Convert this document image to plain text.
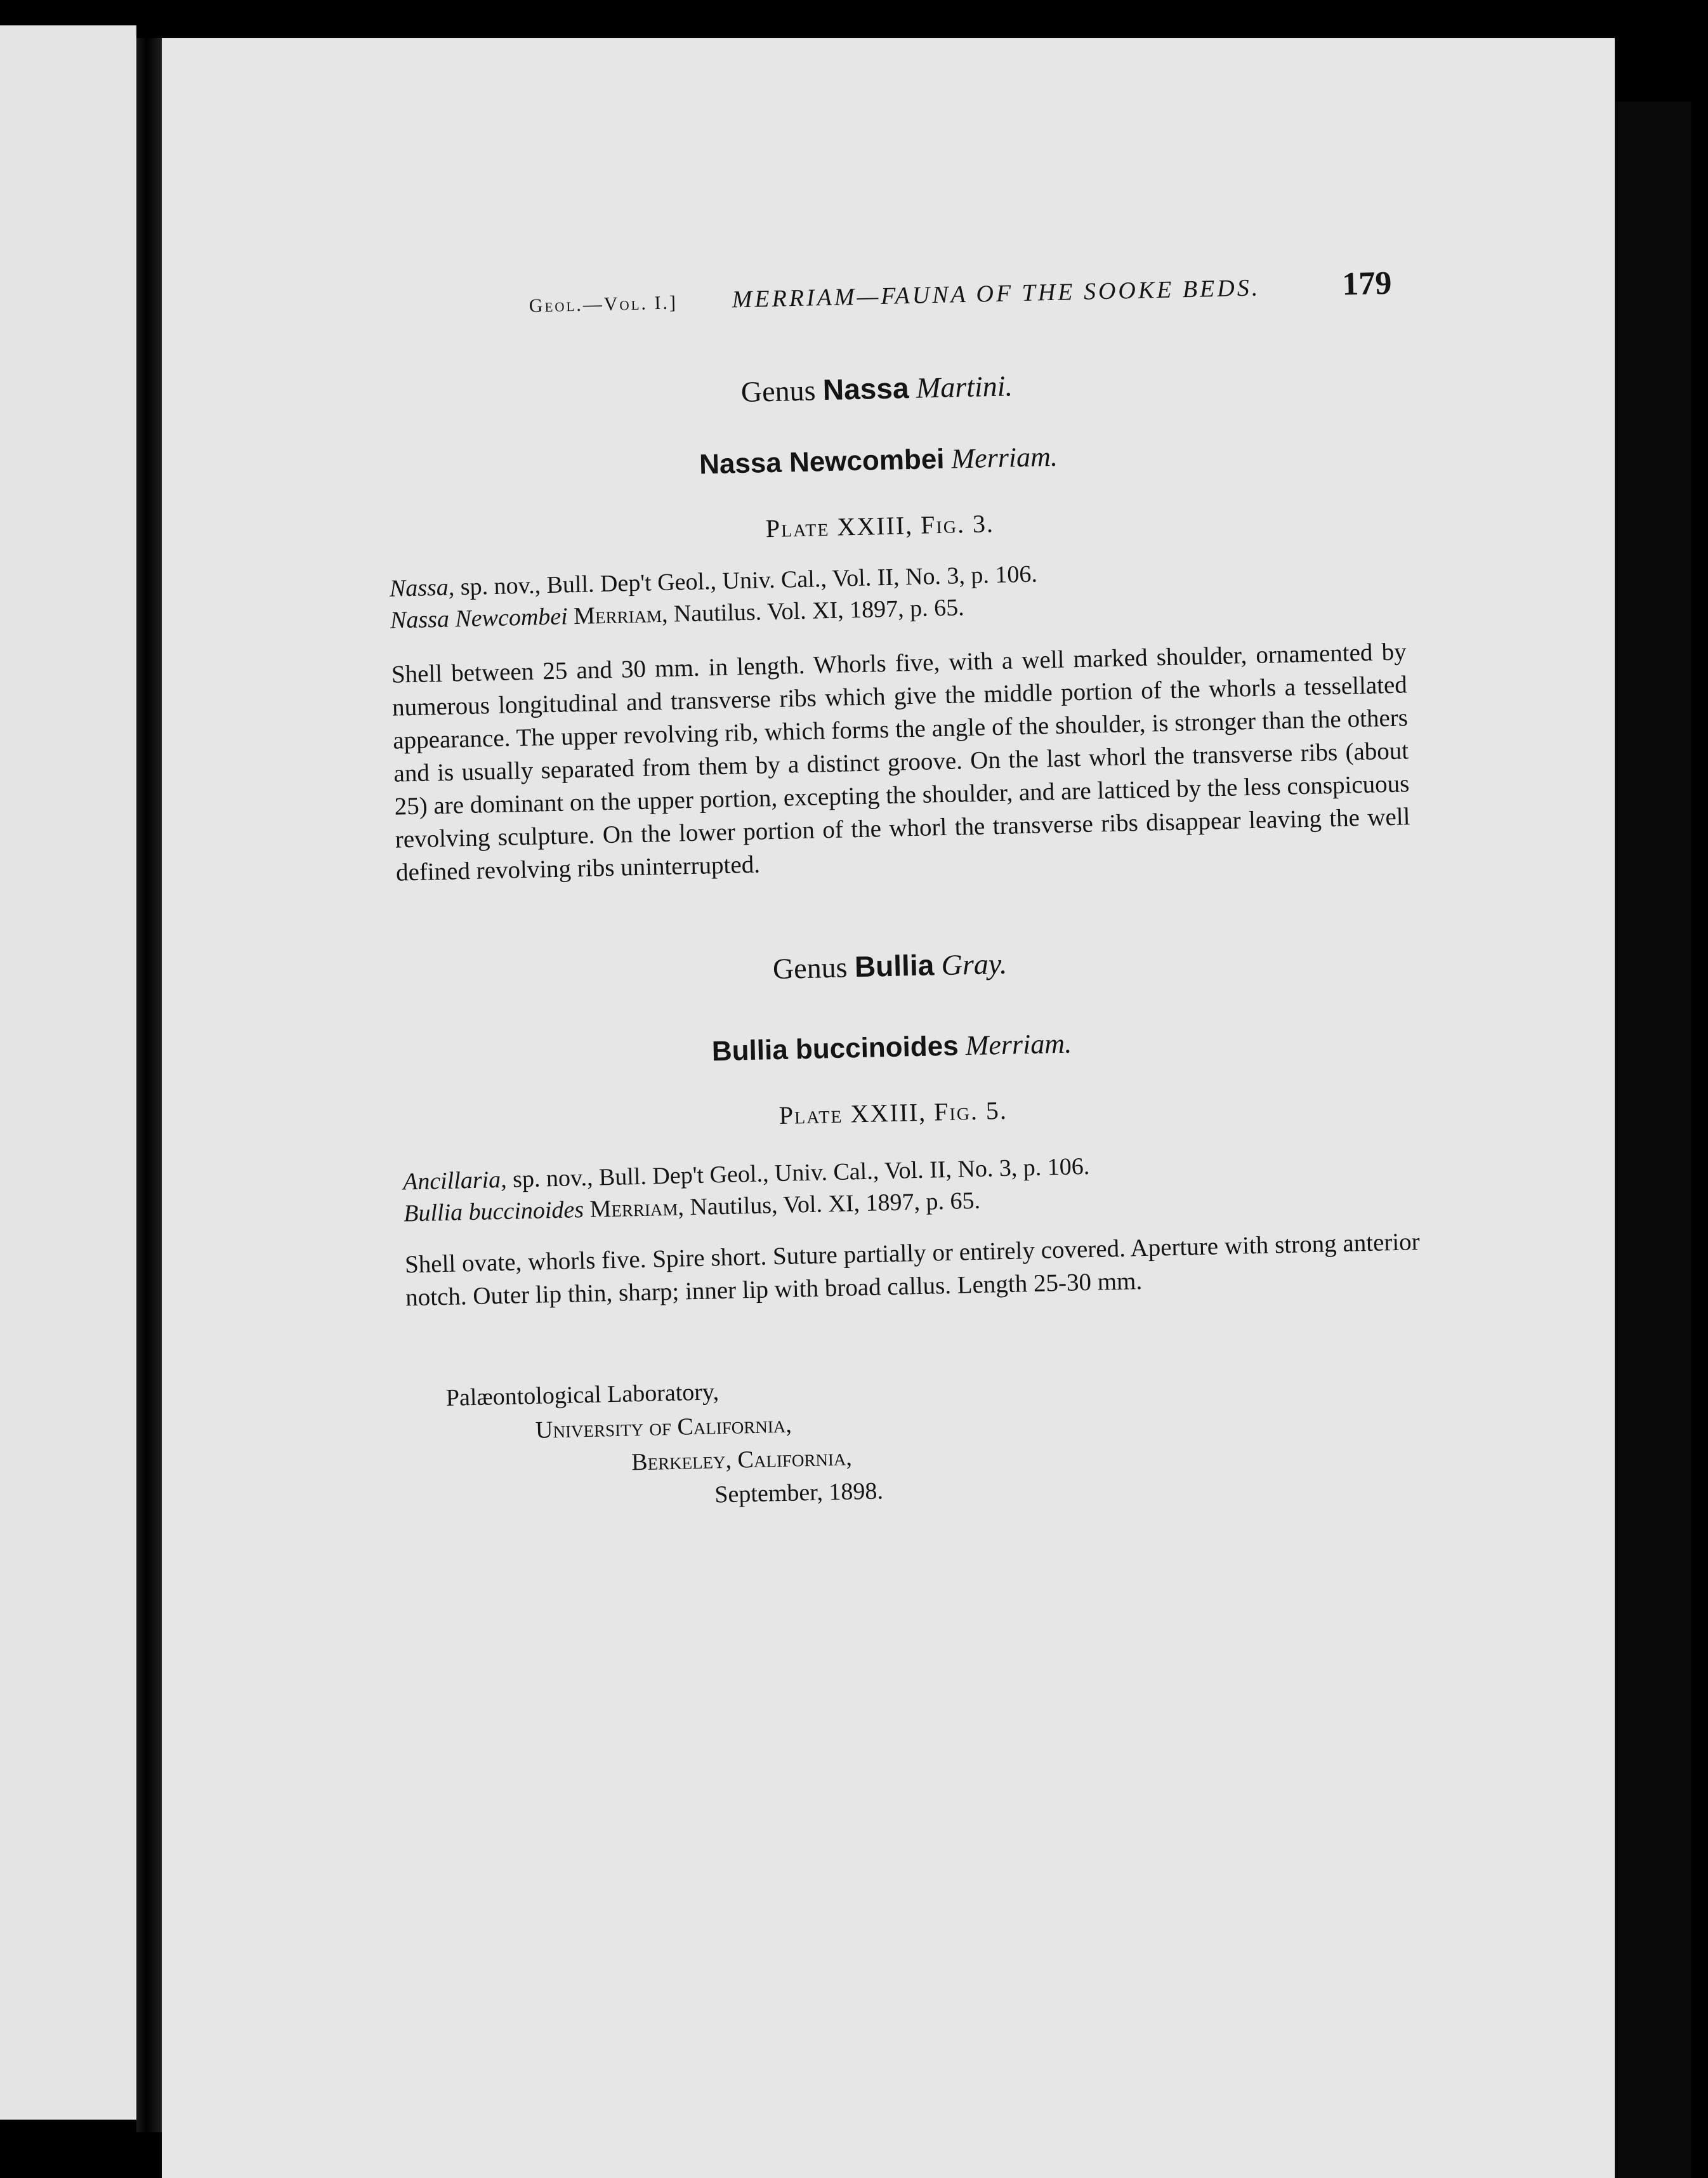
Geol.—Vol. I.] MERRIAM—FAUNA OF THE SOOKE BEDS. 179
Genus Nassa Martini.
Nassa Newcombei Merriam.
Plate XXIII, Fig. 3.
Nassa, sp. nov., Bull. Dep't Geol., Univ. Cal., Vol. II, No. 3, p. 106.
Nassa Newcombei Merriam, Nautilus. Vol. XI, 1897, p. 65.
Shell between 25 and 30 mm. in length. Whorls five, with a well marked shoulder, ornamented by numerous longitudinal and transverse ribs which give the middle portion of the whorls a tessellated appearance. The upper revolving rib, which forms the angle of the shoulder, is stronger than the others and is usually separated from them by a distinct groove. On the last whorl the transverse ribs (about 25) are dominant on the upper portion, excepting the shoulder, and are latticed by the less conspicuous revolving sculpture. On the lower portion of the whorl the transverse ribs disappear leaving the well defined revolving ribs uninterrupted.
Genus Bullia Gray.
Bullia buccinoides Merriam.
Plate XXIII, Fig. 5.
Ancillaria, sp. nov., Bull. Dep't Geol., Univ. Cal., Vol. II, No. 3, p. 106.
Bullia buccinoides Merriam, Nautilus, Vol. XI, 1897, p. 65.
Shell ovate, whorls five. Spire short. Suture partially or entirely covered. Aperture with strong anterior notch. Outer lip thin, sharp; inner lip with broad callus. Length 25-30 mm.
Palæontological Laboratory,
University of California,
Berkeley, California,
September, 1898.
